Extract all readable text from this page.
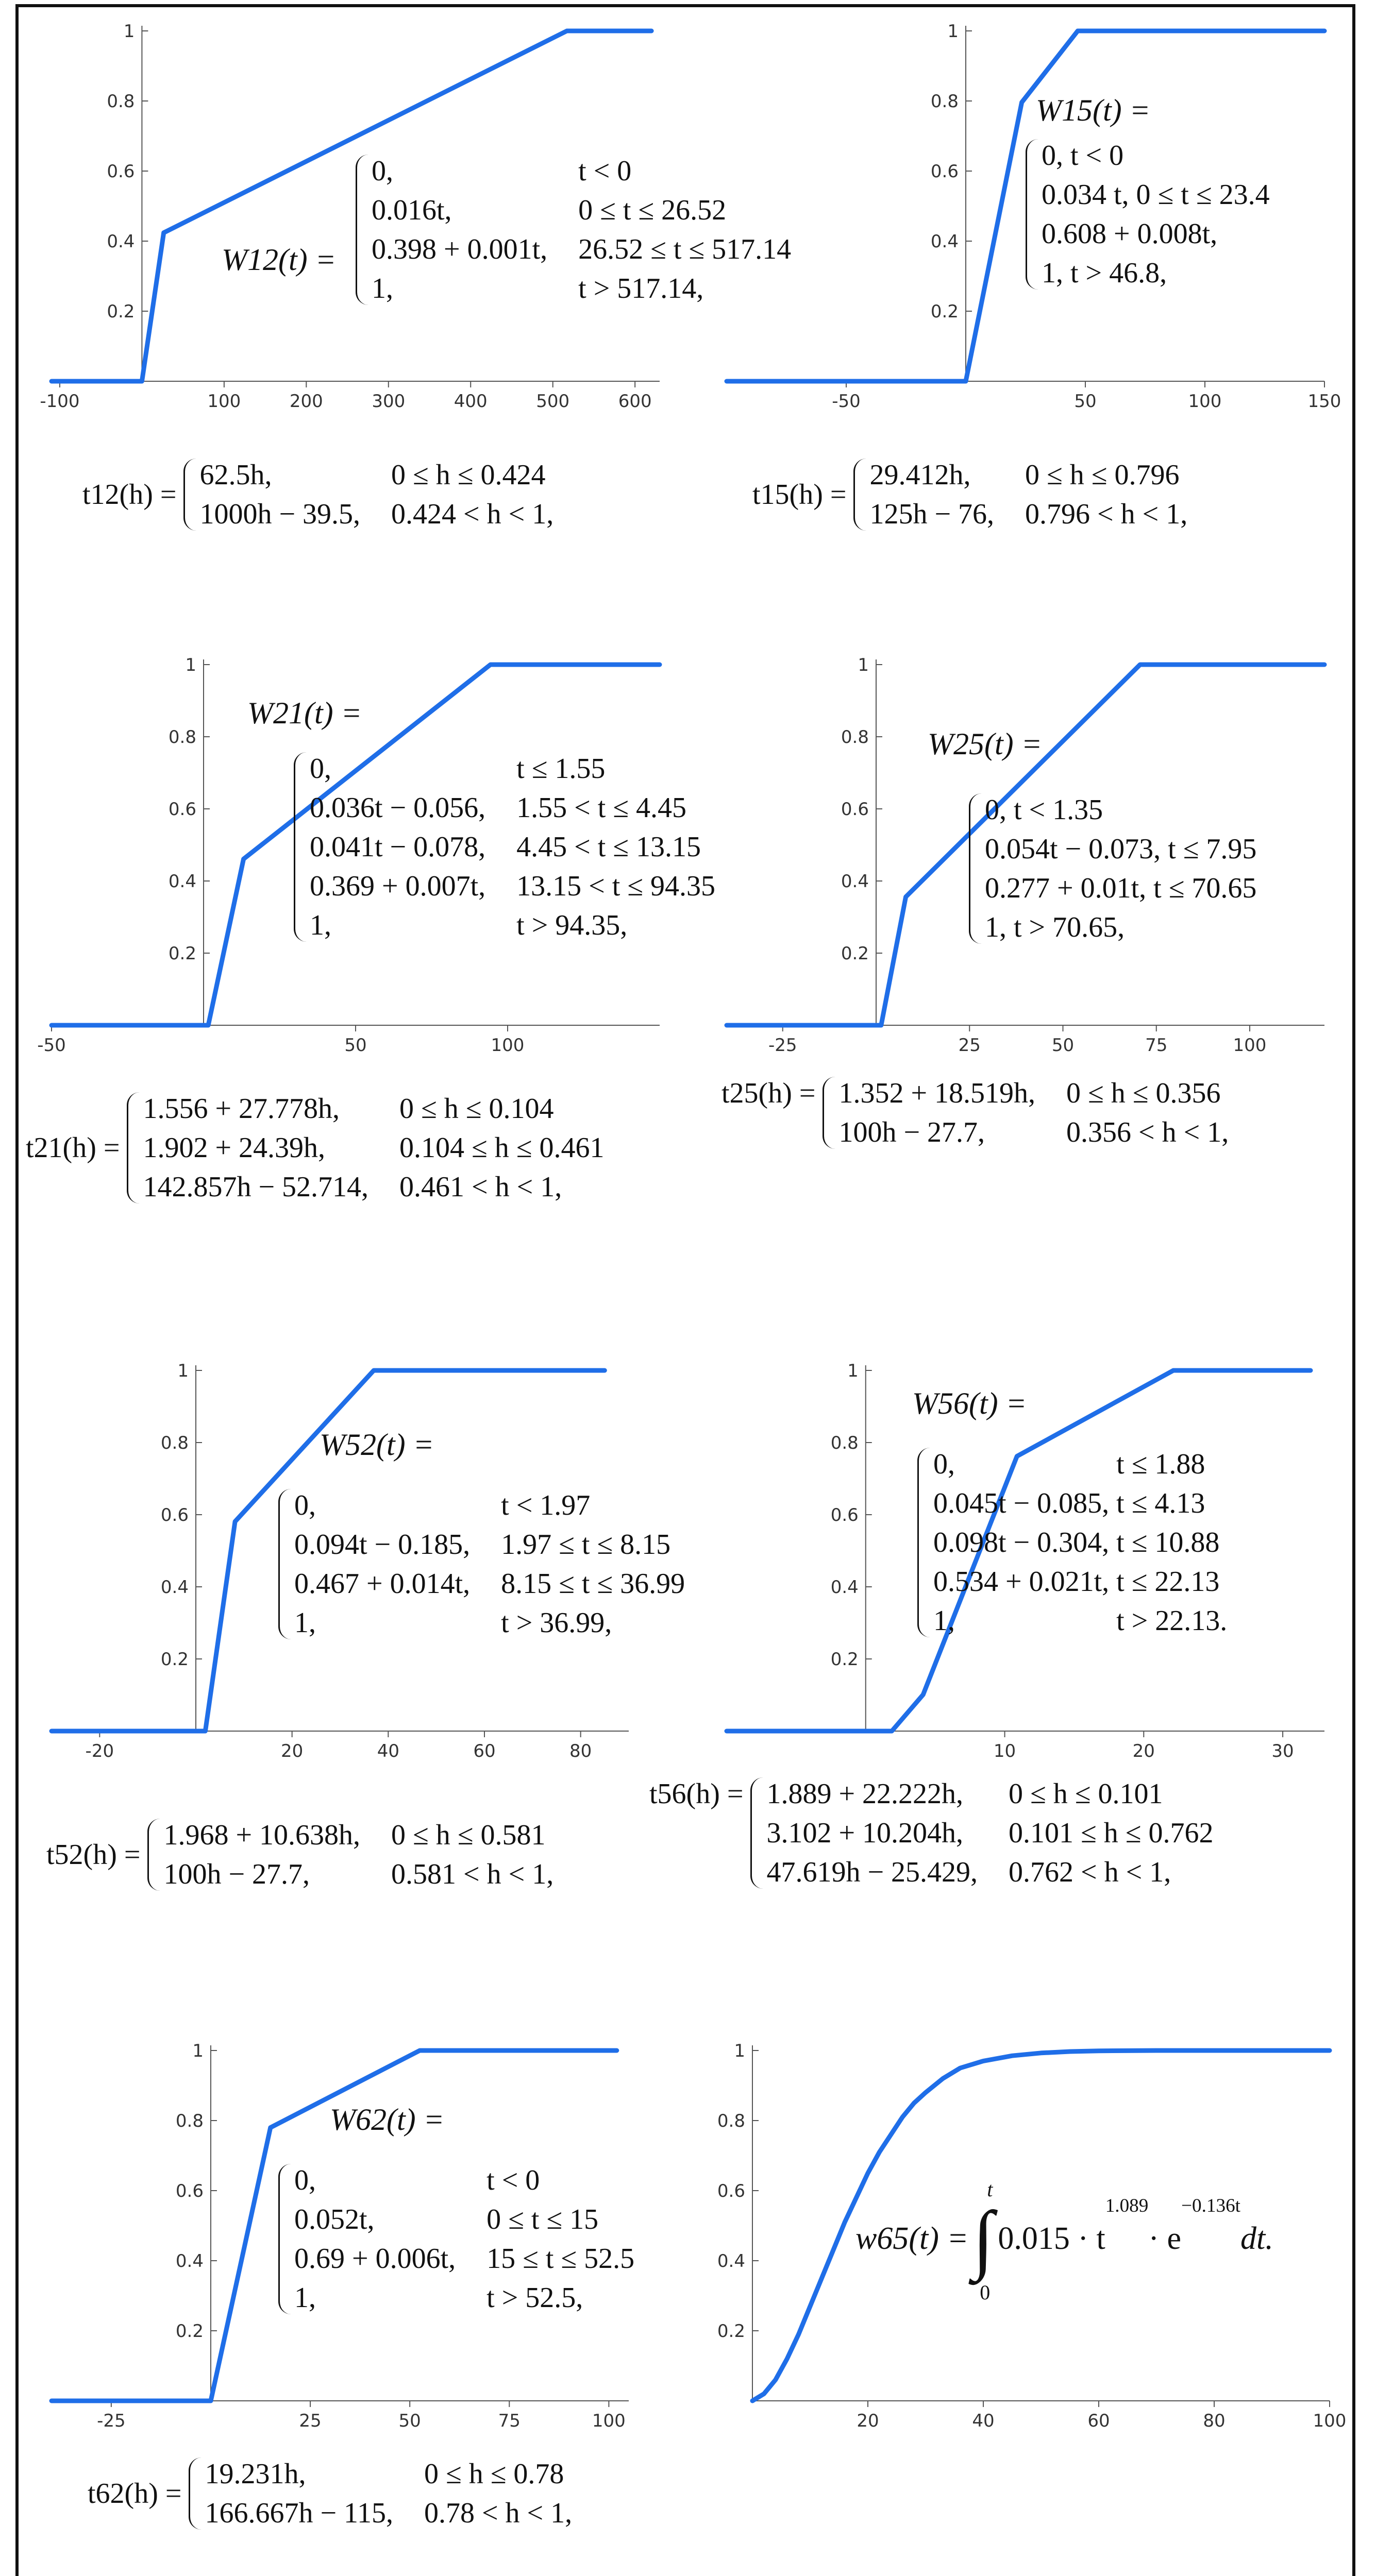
-100	100	200	300	400	500	600
0.2
0.4
0.6
0.8
1
W12(t) =
0,	t < 0
0.016t,	0 ≤ t ≤ 26.52
0.398 + 0.001t, 26.52 ≤ t ≤ 517.14
1,	t > 517.14,
-50	50	100	150
0.2
0.4
0.6
0.8
1
W15(t) =
0, t < 0
0.034 t, 0 ≤ t ≤ 23.4
0.608 + 0.008t,
1, t > 46.8,
t12(h) =
62.5h,	0 ≤ h ≤ 0.424
1000h − 39.5, 0.424 < h < 1,
t15(h) =
29.412h,	0 ≤ h ≤ 0.796
125h − 76, 0.796 < h < 1,
-50	50	100
0.2
0.4
0.6
0.8
1
W21(t) =
0,	t ≤ 1.55
0.036t − 0.056, 1.55 < t ≤ 4.45
0.041t − 0.078, 4.45 < t ≤ 13.15
0.369 + 0.007t, 13.15 < t ≤ 94.35
1,	t > 94.35,
-25	25	50	75	100
0.2
0.4
0.6
0.8
1
W25(t) =
0, t < 1.35
0.054t − 0.073, t ≤ 7.95
0.277 + 0.01t, t ≤ 70.65
1, t > 70.65,
t21(h) =
1.556 + 27.778h,	0 ≤ h ≤ 0.104
1.902 + 24.39h,	0.104 ≤ h ≤ 0.461
142.857h − 52.714, 0.461 < h < 1,
t25(h) = 1.352 + 18.519h, 0 ≤ h ≤ 0.356
100h − 27.7,	0.356 < h < 1,
-20	20	40	60	80
0.2
0.4
0.6
0.8
1
W52(t) =
0,	t < 1.97
0.094t − 0.185, 1.97 ≤ t ≤ 8.15
0.467 + 0.014t, 8.15 ≤ t ≤ 36.99
1,	t > 36.99,
10	20	30
0.2
0.4
0.6
0.8
1
W56(t) =
0,	t ≤ 1.88
0.045t − 0.085, t ≤ 4.13
0.098t − 0.304, t ≤ 10.88
0.534 + 0.021t, t ≤ 22.13
1,	t > 22.13.
t52(h) =
1.968 + 10.638h, 0 ≤ h ≤ 0.581
100h − 27.7,	0.581 < h < 1,
t56(h) = 1.889 + 22.222h,	0 ≤ h ≤ 0.101
3.102 + 10.204h,	0.101 ≤ h ≤ 0.762
47.619h − 25.429, 0.762 < h < 1,
-25	25	50	75	100
0.2
0.4
0.6
0.8
1
W62(t) =
0,	t < 0
0.052t,	0 ≤ t ≤ 15
0.69 + 0.006t, 15 ≤ t ≤ 52.5
1,	t > 52.5,
20	40	60	80	100
0.2
0.4
0.6
0.8
1
w65(t) = ∫
t
0
0.015 · t
1.089
· e
−0.136t
dt.
t62(h) =
19.231h,	0 ≤ h ≤ 0.78
166.667h − 115, 0.78 < h < 1,
